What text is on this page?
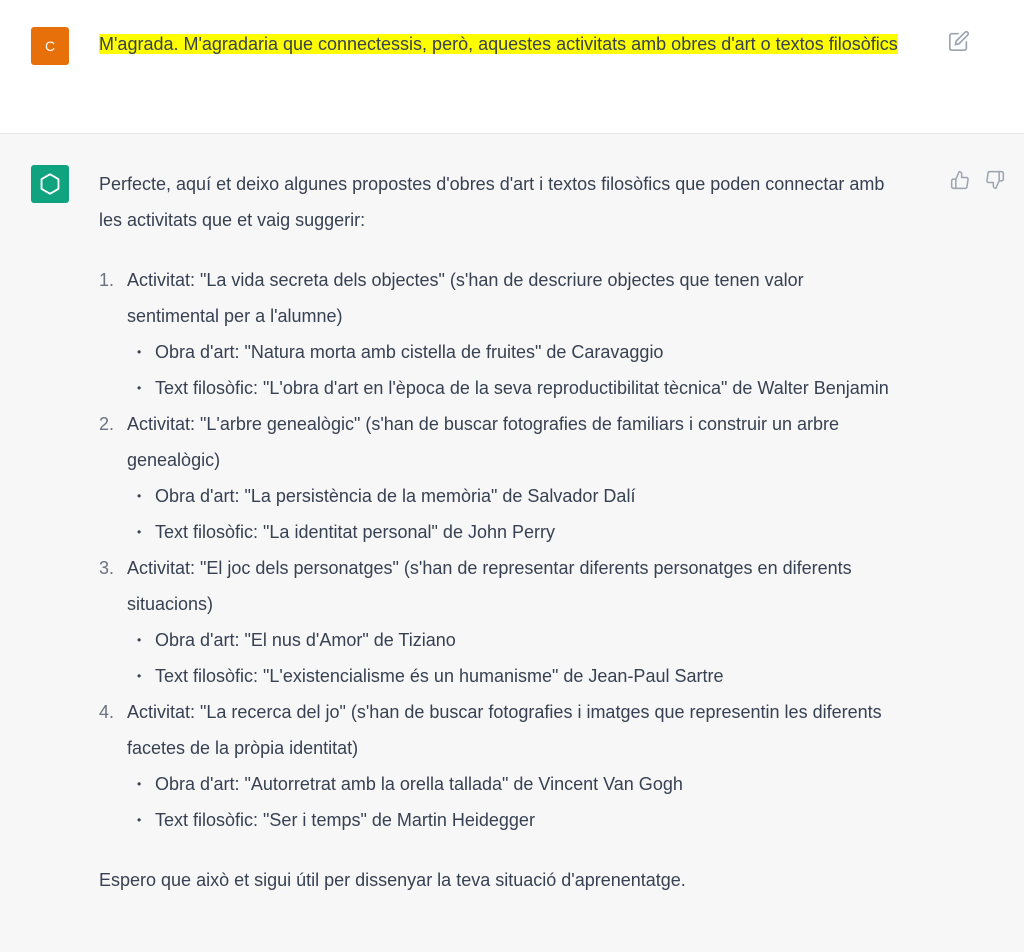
C	M'agrada. M'agradaria que connectessis, però, aquestes activitats amb obres d'art o textos filosòfics

Perfecte, aquí et deixo algunes propostes d'obres d'art i textos filosòfics que poden connectar amb les activitats que et vaig suggerir:

1. Activitat: "La vida secreta dels objectes" (s'han de descriure objectes que tenen valor sentimental per a l'alumne)
• Obra d'art: "Natura morta amb cistella de fruites" de Caravaggio
• Text filosòfic: "L'obra d'art en l'època de la seva reproductibilitat tècnica" de Walter Benjamin
2. Activitat: "L'arbre genealògic" (s'han de buscar fotografies de familiars i construir un arbre genealògic)
• Obra d'art: "La persistència de la memòria" de Salvador Dalí
• Text filosòfic: "La identitat personal" de John Perry
3. Activitat: "El joc dels personatges" (s'han de representar diferents personatges en diferents situacions)
• Obra d'art: "El nus d'Amor" de Tiziano
• Text filosòfic: "L'existencialisme és un humanisme" de Jean-Paul Sartre
4. Activitat: "La recerca del jo" (s'han de buscar fotografies i imatges que representin les diferents facetes de la pròpia identitat)
• Obra d'art: "Autorretrat amb la orella tallada" de Vincent Van Gogh
• Text filosòfic: "Ser i temps" de Martin Heidegger

Espero que això et sigui útil per dissenyar la teva situació d'aprenentatge.
